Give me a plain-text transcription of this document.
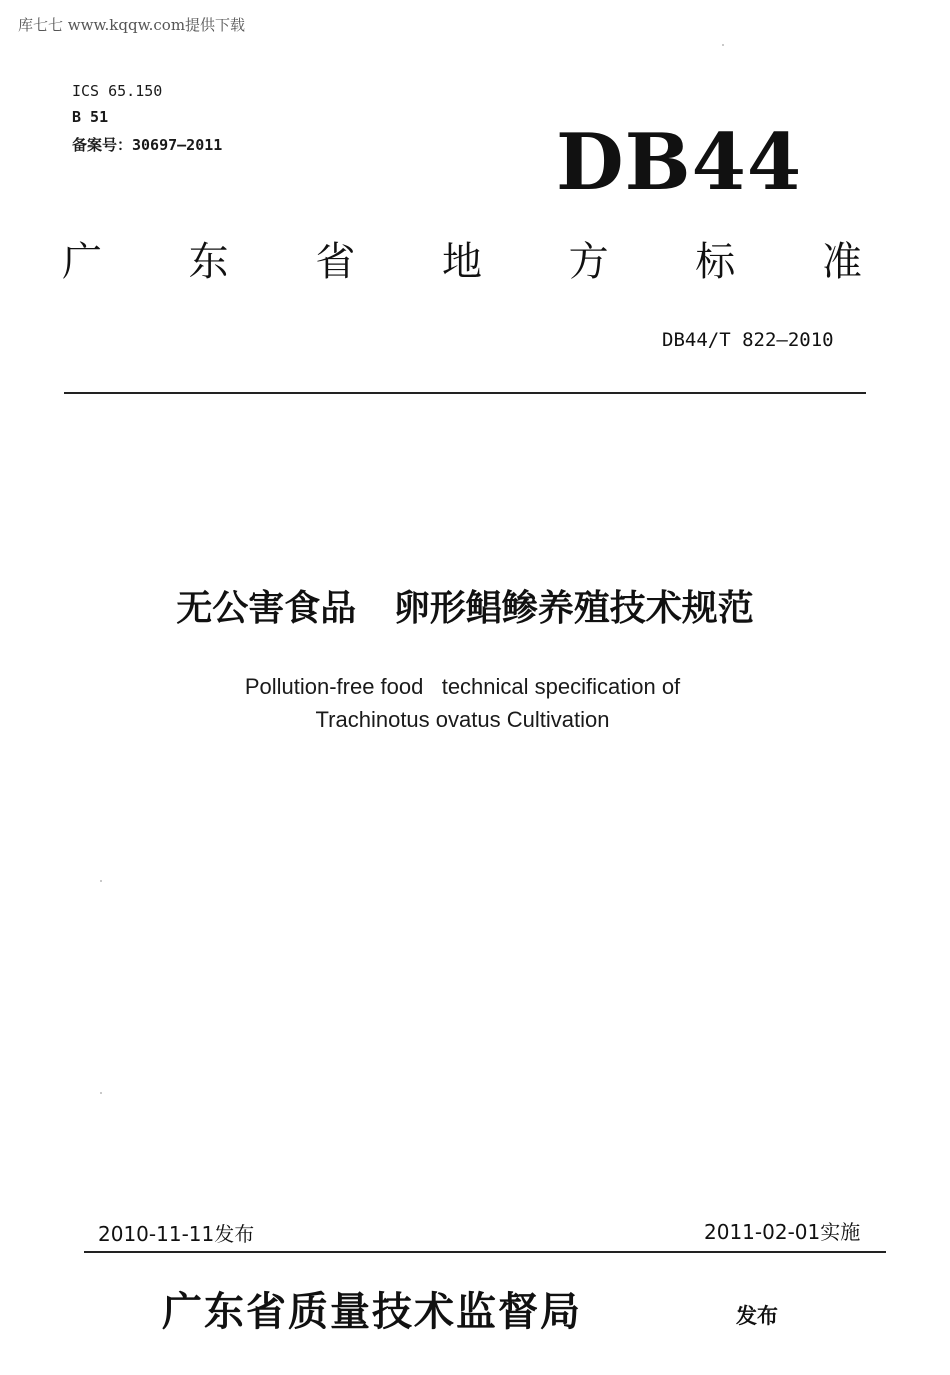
库七七 www.kqqw.com提供下载
ICS 65.150
B 51
备案号：30697—2011	DB44
广 东 省 地 方 标 准
DB44/T 822—2010
无公害食品   卵形鲳鲹养殖技术规范
Pollution-free food   technical specification of
Trachinotus ovatus Cultivation
2010-11-11发布	2011-02-01实施
广东省质量技术监督局	发布
